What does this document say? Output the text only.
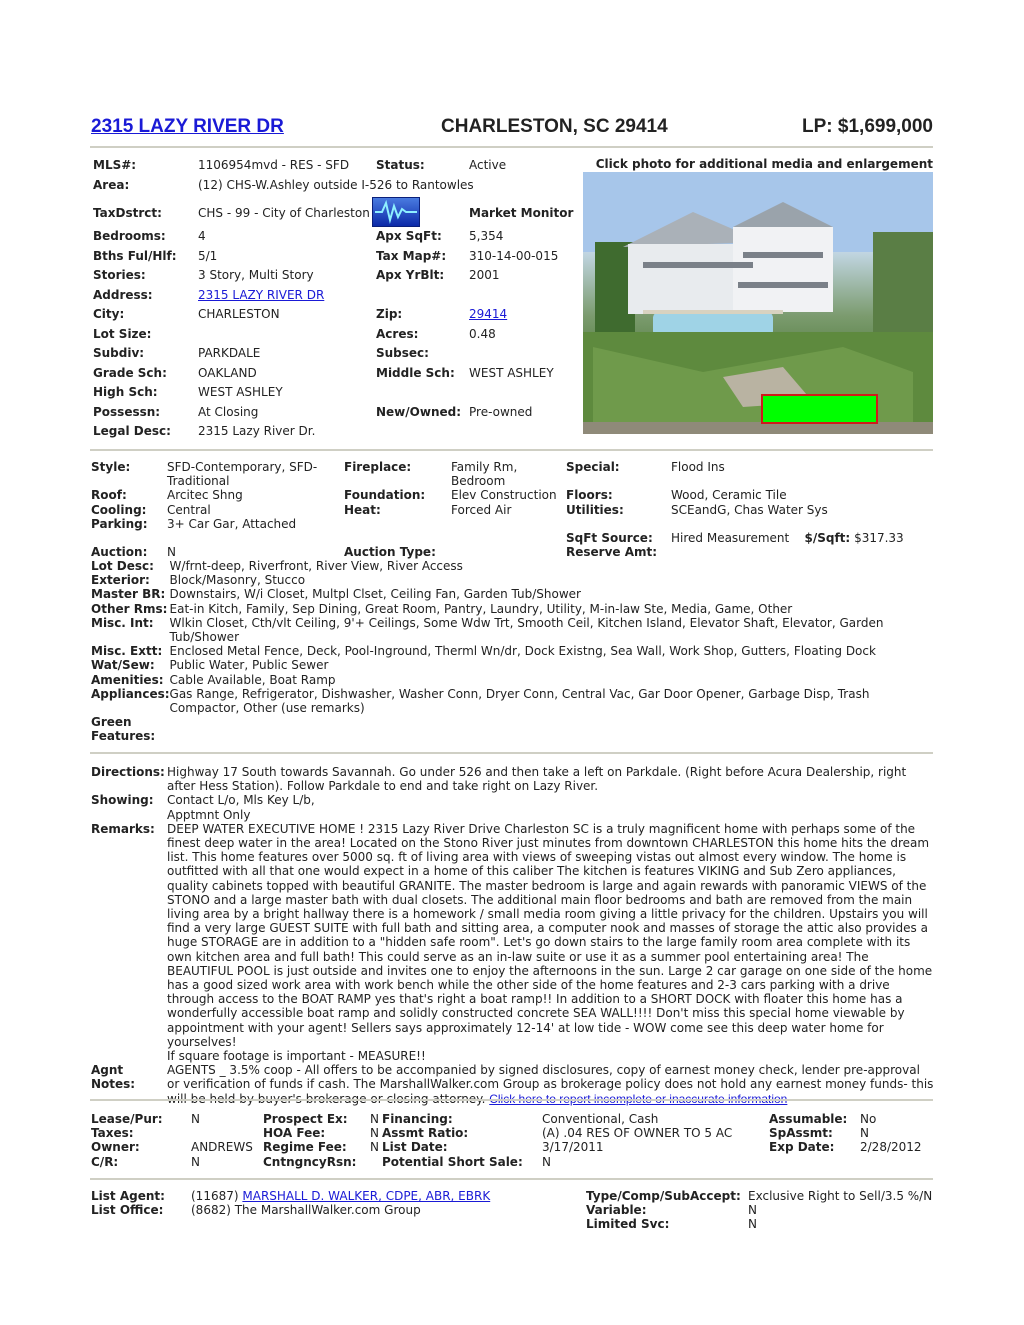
2315 LAZY RIVER DR	CHARLESTON, SC 29414	LP: $1,699,000
Click photo for additional media and enlargement
MLS#:	1106954mvd - RES - SFD	Status:	Active
Area:	(12) CHS-W.Ashley outside I-526 to Rantowles		
TaxDstrct:	CHS - 99 - City of Charleston		Market Monitor
Bedrooms:	4	Apx SqFt:	5,354
Bths Ful/Hlf:	5/1	Tax Map#:	310-14-00-015
Stories:	3 Story, Multi Story	Apx YrBlt:	2001
Address:	2315 LAZY RIVER DR		
City:	CHARLESTON	Zip:	29414
Lot Size:		Acres:	0.48
Subdiv:	PARKDALE	Subsec:	
Grade Sch:	OAKLAND	Middle Sch:	WEST ASHLEY
High Sch:	WEST ASHLEY		
Possessn:	At Closing	New/Owned:	Pre-owned
Legal Desc:	2315 Lazy River Dr.		
Style:	SFD-Contemporary, SFD-Traditional	Fireplace:	Family Rm, Bedroom	Special:	Flood Ins
Roof:	Arcitec Shng	Foundation:	Elev Construction	Floors:	Wood, Ceramic Tile
Cooling:	Central	Heat:	Forced Air	Utilities:	SCEandG, Chas Water Sys
Parking:	3+ Car Gar, Attached				
				SqFt Source:	Hired Measurement $/Sqft: $317.33
Auction:	N	Auction Type:		Reserve Amt:	
Lot Desc:	W/frnt-deep, Riverfront, River View, River Access
Exterior:	Block/Masonry, Stucco
Master BR:	Downstairs, W/i Closet, Multpl Clset, Ceiling Fan, Garden Tub/Shower
Other Rms:	Eat-in Kitch, Family, Sep Dining, Great Room, Pantry, Laundry, Utility, M-in-law Ste, Media, Game, Other
Misc. Int:	Wlkin Closet, Cth/vlt Ceiling, 9'+ Ceilings, Some Wdw Trt, Smooth Ceil, Kitchen Island, Elevator Shaft, Elevator, Garden Tub/Shower
Misc. Extt:	Enclosed Metal Fence, Deck, Pool-Inground, Therml Wn/dr, Dock Existng, Sea Wall, Work Shop, Gutters, Floating Dock
Wat/Sew:	Public Water, Public Sewer
Amenities:	Cable Available, Boat Ramp
Appliances:	Gas Range, Refrigerator, Dishwasher, Washer Conn, Dryer Conn, Central Vac, Gar Door Opener, Garbage Disp, Trash Compactor, Other (use remarks)
Green Features:	
Directions:	Highway 17 South towards Savannah. Go under 526 and then take a left on Parkdale. (Right before Acura Dealership, right after Hess Station). Follow Parkdale to end and take right on Lazy River.
Showing:	Contact L/o, Mls Key L/b,
Apptmnt Only

Remarks:	DEEP WATER EXECUTIVE HOME ! 2315 Lazy River Drive Charleston SC is a truly magnificent home with perhaps some of the finest deep water in the area! Located on the Stono River just minutes from downtown CHARLESTON this home hits the dream list. This home features over 5000 sq. ft of living area with views of sweeping vistas out almost every window. The home is outfitted with all that one would expect in a home of this caliber The kitchen is features VIKING and Sub Zero appliances, quality cabinets topped with beautiful GRANITE. The master bedroom is large and again rewards with panoramic VIEWS of the STONO and a large master bath with dual closets. The additional main floor bedrooms and bath are removed from the main living area by a bright hallway there is a homework / small media room giving a little privacy for the children. Upstairs you will find a very large GUEST SUITE with full bath and sitting area, a computer nook and masses of storage the attic also provides a huge STORAGE are in addition to a "hidden safe room". Let's go down stairs to the large family room area complete with its own kitchen area and full bath! This could serve as an in-law suite or use it as a summer pool entertaining area! The BEAUTIFUL POOL is just outside and invites one to enjoy the afternoons in the sun. Large 2 car garage on one side of the home has a good sized work area with work bench while the other side of the home features and 2-3 cars parking with a drive through access to the BOAT RAMP yes that's right a boat ramp!! In addition to a SHORT DOCK with floater this home has a wonderfully accessible boat ramp and solidly constructed concrete SEA WALL!!!! Don't miss this special home viewable by appointment with your agent! Sellers says approximately 12-14' at low tide - WOW come see this deep water home for yourselves!
If square footage is important - MEASURE!!

Agnt Notes:	AGENTS _ 3.5% coop - All offers to be accompanied by signed disclosures, copy of earnest money check, lender pre-approval or verification of funds if cash. The MarshallWalker.com Group as brokerage policy does not hold any earnest money funds- this
Lease/Pur:	N	Prospect Ex:	N	Financing:	Conventional, Cash	Assumable:	No
Taxes:		HOA Fee:	N	Assmt Ratio:	(A) .04 RES OF OWNER TO 5 AC	SpAssmt:	N
Owner:	ANDREWS	Regime Fee:	N	List Date:	3/17/2011	Exp Date:	2/28/2012
C/R:	N	CntngncyRsn:		Potential Short Sale:	N		
List Agent: (11687) MARSHALL D. WALKER, CDPE, ABR, EBRK
List Office: (8682) The MarshallWalker.com Group
Type/Comp/SubAccept: Exclusive Right to Sell/3.5 %/N
Variable:	N
Limited Svc:	N
